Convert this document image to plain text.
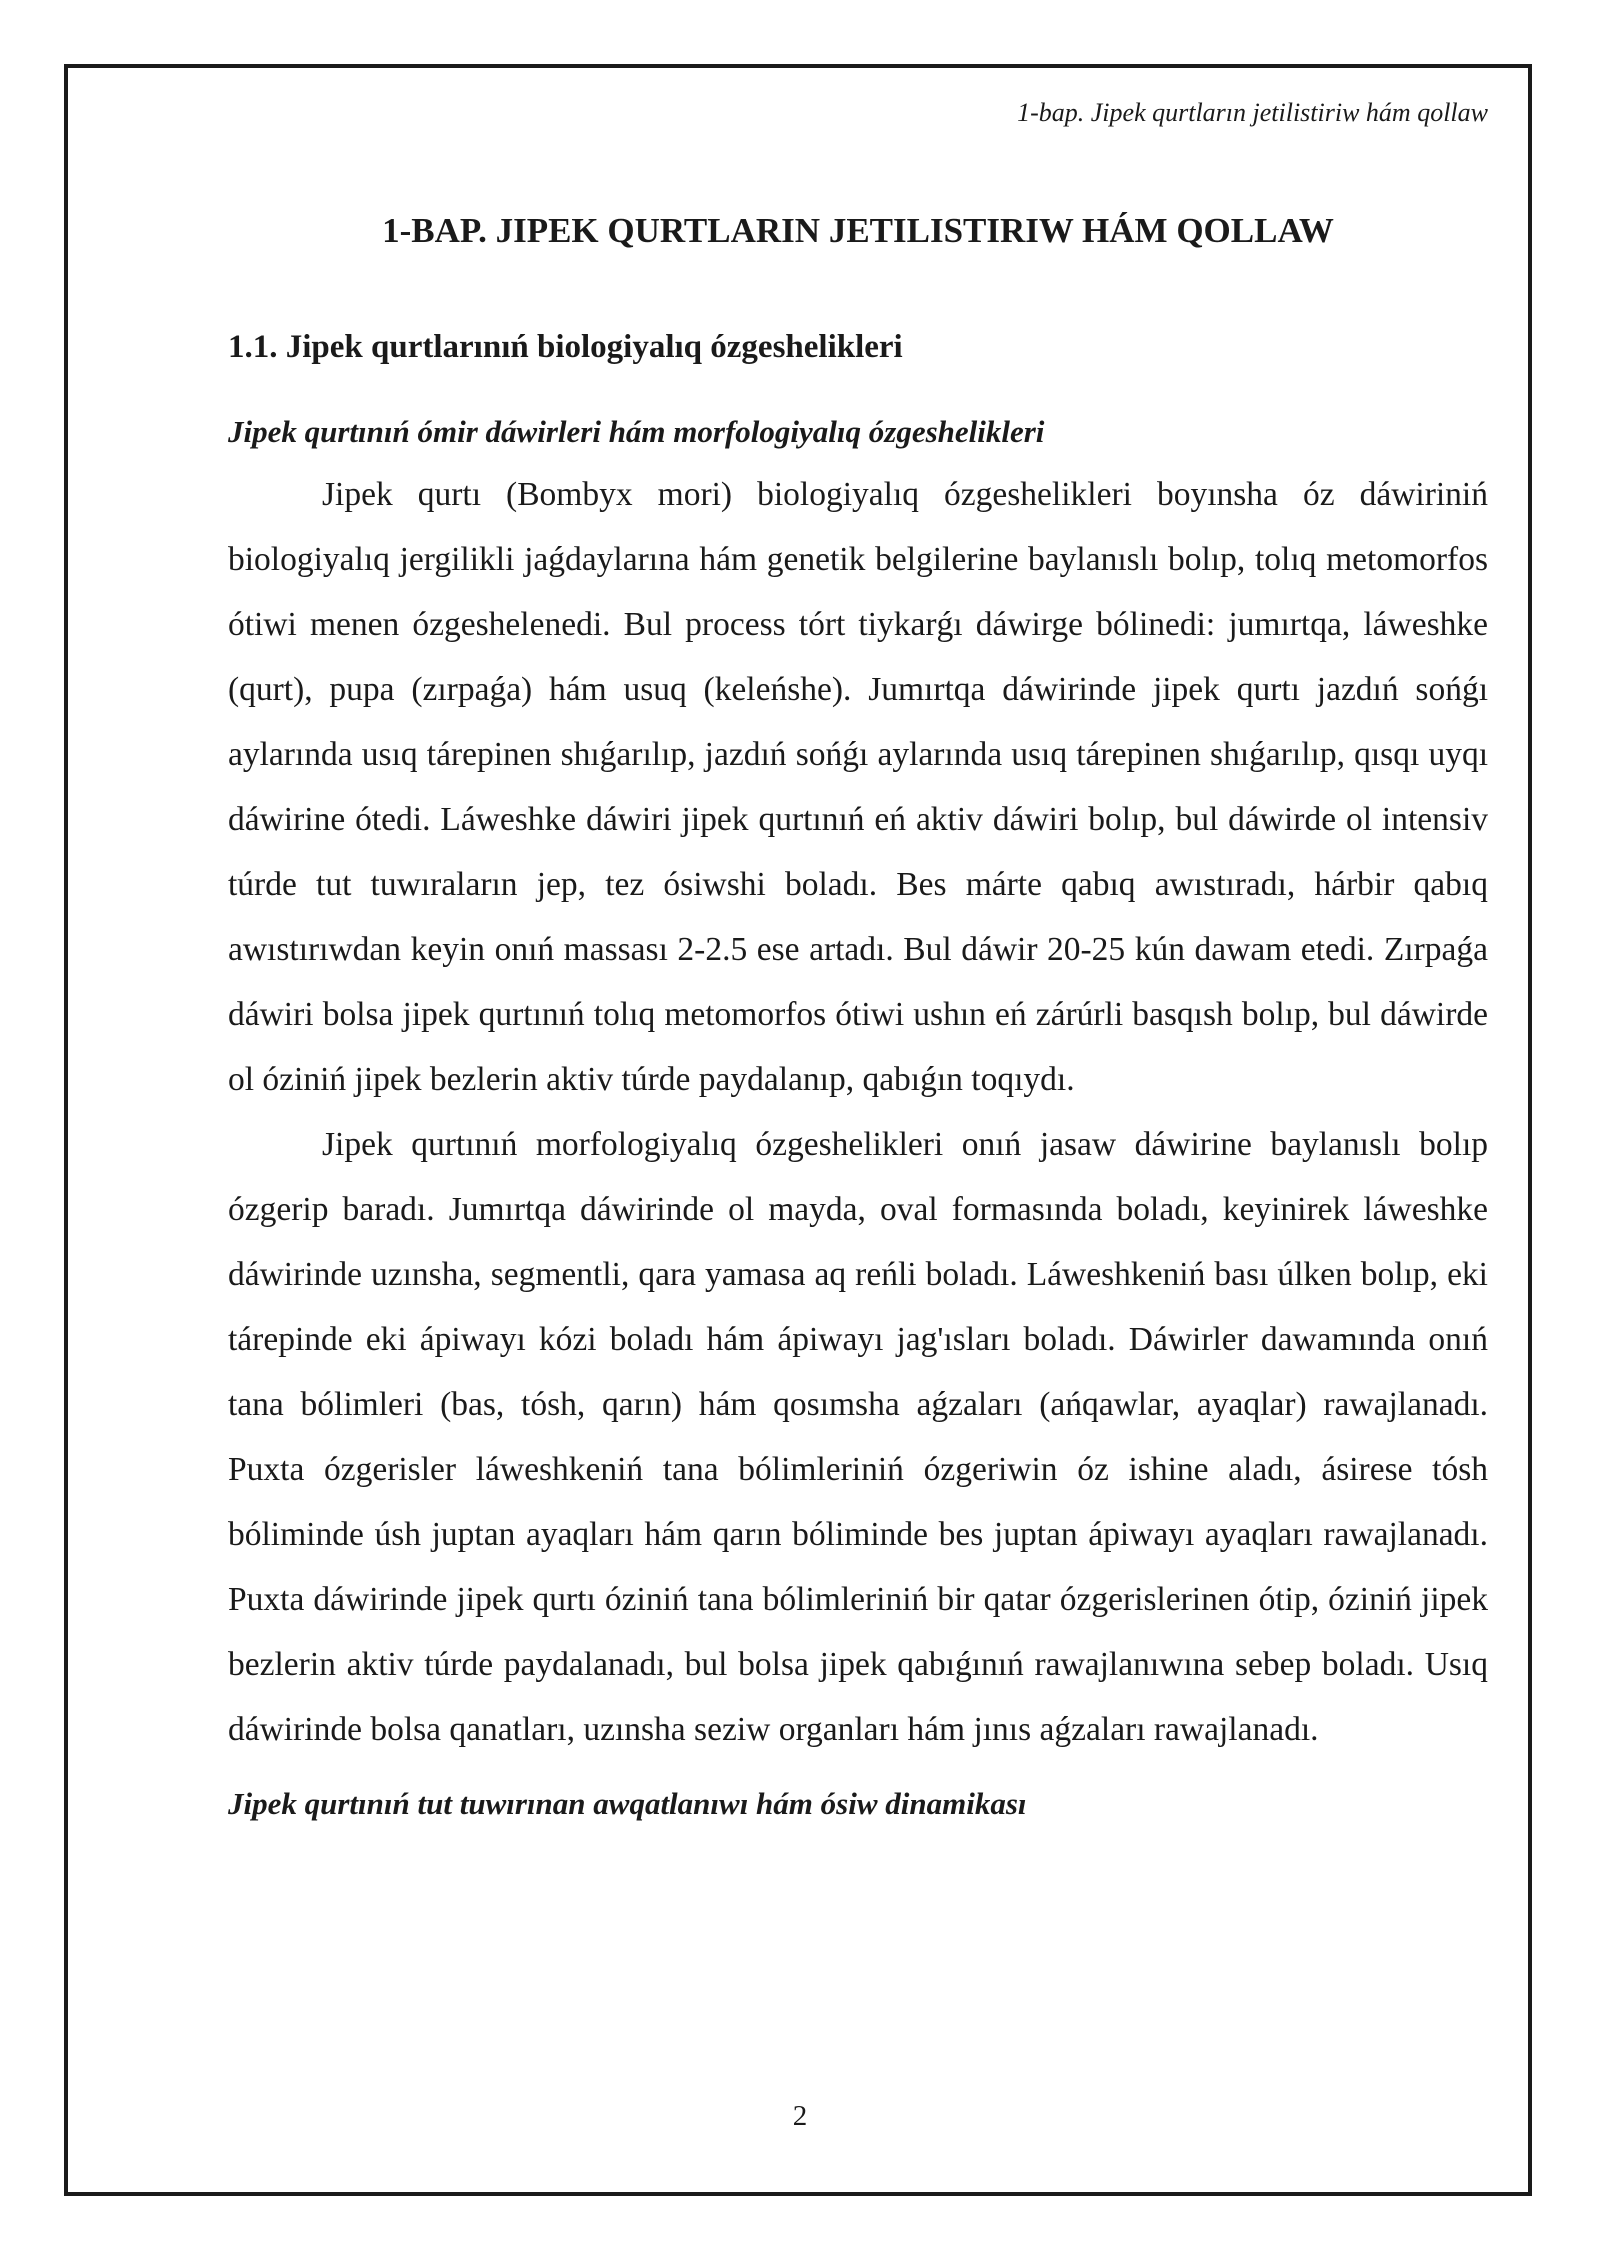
1-bap. Jipek qurtların jetilistiriw hám qollaw

1-BAP. JIPEK QURTLARIN JETILISTIRIW HÁM QOLLAW
1.1. Jipek qurtlarınıń biologiyalıq ózgeshelikleri
Jipek qurtınıń ómir dáwirleri hám morfologiyalıq ózgeshelikleri

Jipek qurtı (Bombyx mori) biologiyalıq ózgeshelikleri boyınsha óz dáwiriniń biologiyalıq jergilikli jaǵdaylarına hám genetik belgilerine baylanıslı bolıp, tolıq metomorfos ótiwi menen ózgeshelenedi. Bul process tórt tiykarǵı dáwirge bólinedi: jumırtqa, láweshke (qurt), pupa (zırpaǵa) hám usuq (keleńshe). Jumırtqa dáwirinde jipek qurtı jazdıń sońǵı aylarında usıq tárepinen shıǵarılıp, jazdıń sońǵı aylarında usıq tárepinen shıǵarılıp, qısqı uyqı dáwirine ótedi. Láweshke dáwiri jipek qurtınıń eń aktiv dáwiri bolıp, bul dáwirde ol intensiv túrde tut tuwıraların jep, tez ósiwshi boladı. Bes márte qabıq awıstıradı, hárbir qabıq awıstırıwdan keyin onıń massası 2-2.5 ese artadı. Bul dáwir 20-25 kún dawam etedi. Zırpaǵa dáwiri bolsa jipek qurtınıń tolıq metomorfos ótiwi ushın eń zárúrli basqısh bolıp, bul dáwirde ol óziniń jipek bezlerin aktiv túrde paydalanıp, qabıǵın toqıydı.

Jipek qurtınıń morfologiyalıq ózgeshelikleri onıń jasaw dáwirine baylanıslı bolıp ózgerip baradı. Jumırtqa dáwirinde ol mayda, oval formasında boladı, keyinirek láweshke dáwirinde uzınsha, segmentli, qara yamasa aq reńli boladı. Láweshkeniń bası úlken bolıp, eki tárepinde eki ápiwayı kózi boladı hám ápiwayı jag'ısları boladı. Dáwirler dawamında onıń tana bólimleri (bas, tósh, qarın) hám qosımsha aǵzaları (ańqawlar, ayaqlar) rawajlanadı. Puxta ózgerisler láweshkeniń tana bólimleriniń ózgeriwin óz ishine aladı, ásirese tósh bóliminde úsh juptan ayaqları hám qarın bóliminde bes juptan ápiwayı ayaqları rawajlanadı. Puxta dáwirinde jipek qurtı óziniń tana bólimleriniń bir qatar ózgerislerinen ótip, óziniń jipek bezlerin aktiv túrde paydalanadı, bul bolsa jipek qabıǵınıń rawajlanıwına sebep boladı. Usıq dáwirinde bolsa qanatları, uzınsha seziw organları hám jınıs aǵzaları rawajlanadı.

Jipek qurtınıń tut tuwırınan awqatlanıwı hám ósiw dinamikası

2
